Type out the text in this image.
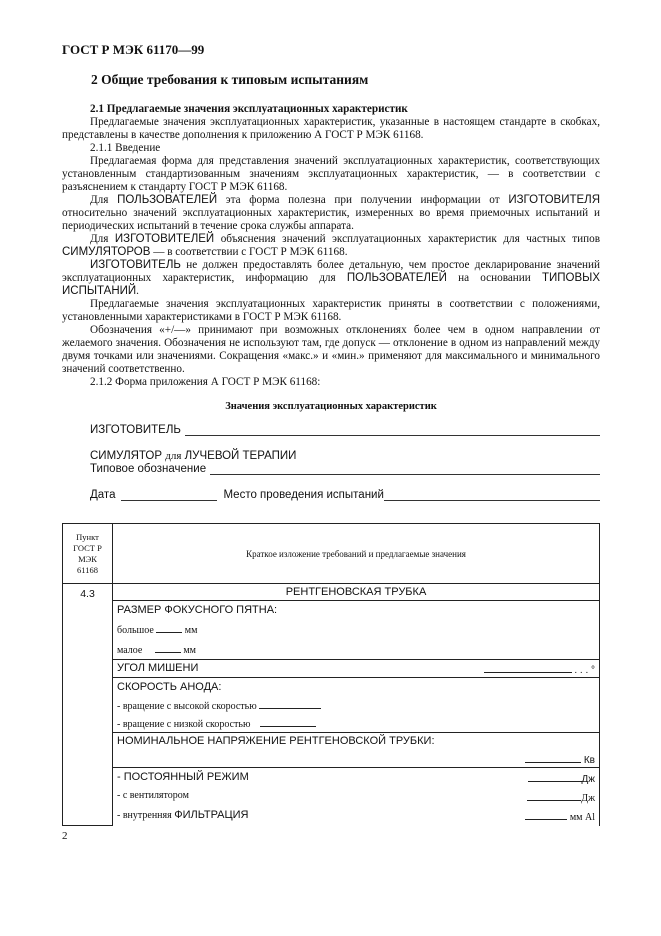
ГОСТ Р МЭК 61170—99
2 Общие требования к типовым испытаниям

2.1 Предлагаемые значения эксплуатационных характеристик

Предлагаемые значения эксплуатационных характеристик, указанные в настоящем стандарте в скобках, представлены в качестве дополнения к приложению А ГОСТ Р МЭК 61168.

2.1.1 Введение

Предлагаемая форма для представления значений эксплуатационных характеристик, соответствующих установленным стандартизованным значениям эксплуатационных характеристик, — в соответствии с разъяснением к стандарту ГОСТ Р МЭК 61168.

Для ПОЛЬЗОВАТЕЛЕЙ эта форма полезна при получении информации от ИЗГОТОВИТЕЛЯ относительно значений эксплуатационных характеристик, измеренных во время приемочных испытаний и периодических испытаний в течение срока службы аппарата.

Для ИЗГОТОВИТЕЛЕЙ объяснения значений эксплуатационных характеристик для частных типов СИМУЛЯТОРОВ — в соответствии с ГОСТ Р МЭК 61168.

ИЗГОТОВИТЕЛЬ не должен предоставлять более детальную, чем простое декларирование значений эксплуатационных характеристик, информацию для ПОЛЬЗОВАТЕЛЕЙ на основании ТИПОВЫХ ИСПЫТАНИЙ.

Предлагаемые значения эксплуатационных характеристик приняты в соответствии с положениями, установленными характеристиками в ГОСТ Р МЭК 61168.

Обозначения «+/—» принимают при возможных отклонениях более чем в одном направлении от желаемого значения. Обозначения не используют там, где допуск — отклонение в одном из направлений между двумя точками или значениями. Сокращения «макс.» и «мин.» применяют для максимального и минимального значений соответственно.

2.1.2 Форма приложения А ГОСТ Р МЭК 61168:

Значения эксплуатационных характеристик
ИЗГОТОВИТЕЛЬ
СИМУЛЯТОР
для
ЛУЧЕВОЙ ТЕРАПИИ
Типовое обозначение
Дата	Место проведения испытаний
Пункт
ГОСТ Р
МЭК
61168	Краткое изложение требований и предлагаемые значения
4.3	РЕНТГЕНОВСКАЯ ТРУБКА
	РАЗМЕР ФОКУСНОГО ПЯТНА:
	большое мм
	малое мм
	УГОЛ МИШЕНИ . . . °

	СКОРОСТЬ АНОДА:
	- вращение с высокой скоростью
	- вращение с низкой скоростью

	НОМИНАЛЬНОЕ НАПРЯЖЕНИЕ РЕНТГЕНОВСКОЙ ТРУБКИ:
Кв

	- ПОСТОЯННЫЙ РЕЖИМ Дж

	- с вентилятором Дж

	- внутренняя ФИЛЬТРАЦИЯ мм Al
2
